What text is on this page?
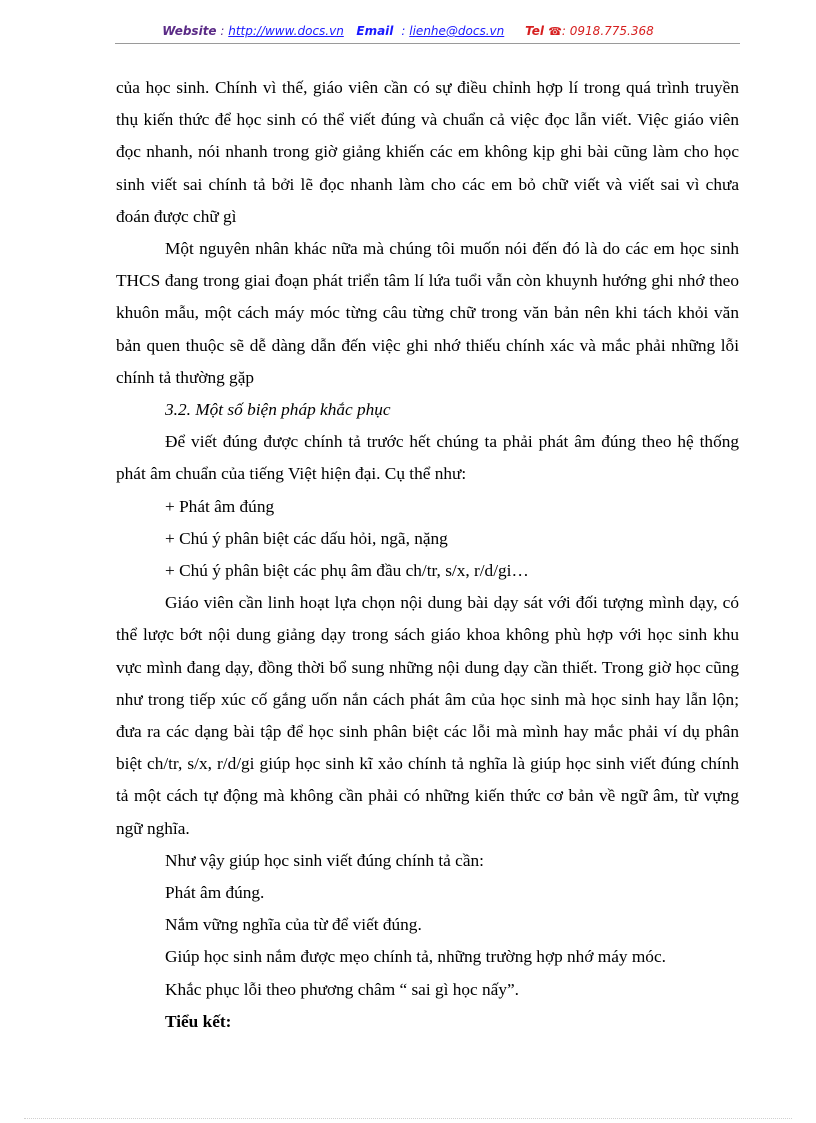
Website : http://www.docs.vn Email  : lienhe@docs.vn Tel ☎: 0918.775.368

của học sinh. Chính vì thế, giáo viên cần có sự điều chỉnh hợp lí trong quá trình truyền thụ kiến thức để học sinh có thể viết đúng và chuẩn cả việc đọc lẫn viết. Việc giáo viên đọc nhanh, nói nhanh trong giờ giảng khiến các em không kịp ghi bài cũng làm cho học sinh viết sai chính tả bởi lẽ đọc nhanh làm cho các em bỏ chữ viết và viết sai vì chưa đoán được chữ gì

Một nguyên nhân khác nữa mà chúng tôi muốn nói đến đó là do các em học sinh THCS đang trong giai đoạn phát triển tâm lí lứa tuổi vẫn còn khuynh hướng ghi nhớ theo khuôn mẫu, một cách máy móc từng câu từng chữ trong văn bản nên khi tách khỏi văn bản quen thuộc sẽ dễ dàng dẫn đến việc ghi nhớ thiếu chính xác và mắc phải những lỗi chính tả thường gặp

3.2. Một số biện pháp khắc phục

Để viết đúng được chính tả trước hết chúng ta phải phát âm đúng theo hệ thống phát âm chuẩn của tiếng Việt hiện đại. Cụ thể như:

+ Phát âm đúng

+ Chú ý phân biệt các dấu hỏi, ngã, nặng

+ Chú ý phân biệt các phụ âm đầu ch/tr, s/x, r/d/gi…

Giáo viên cần linh hoạt lựa chọn nội dung bài dạy sát với đối tượng mình dạy, có thể lược bớt nội dung giảng dạy trong sách giáo khoa không phù hợp với học sinh khu vực mình đang dạy, đồng thời bổ sung những nội dung dạy cần thiết. Trong giờ học cũng như trong tiếp xúc cố gắng uốn nắn cách phát âm của học sinh mà học sinh hay lẫn lộn; đưa ra các dạng bài tập để học sinh phân biệt các lỗi mà mình hay mắc phải ví dụ phân biệt ch/tr, s/x, r/d/gi giúp học sinh kĩ xảo chính tả nghĩa là giúp học sinh viết đúng chính tả một cách tự động mà không cần phải có những kiến thức cơ bản về ngữ âm, từ vựng ngữ nghĩa.

Như vậy giúp học sinh viết đúng chính tả cần:

Phát âm đúng.

Nắm vững nghĩa của từ để viết đúng.

Giúp học sinh nắm được mẹo chính tả, những trường hợp nhớ máy móc.

Khắc phục lỗi theo phương châm “ sai gì học nấy”.

Tiểu kết:
